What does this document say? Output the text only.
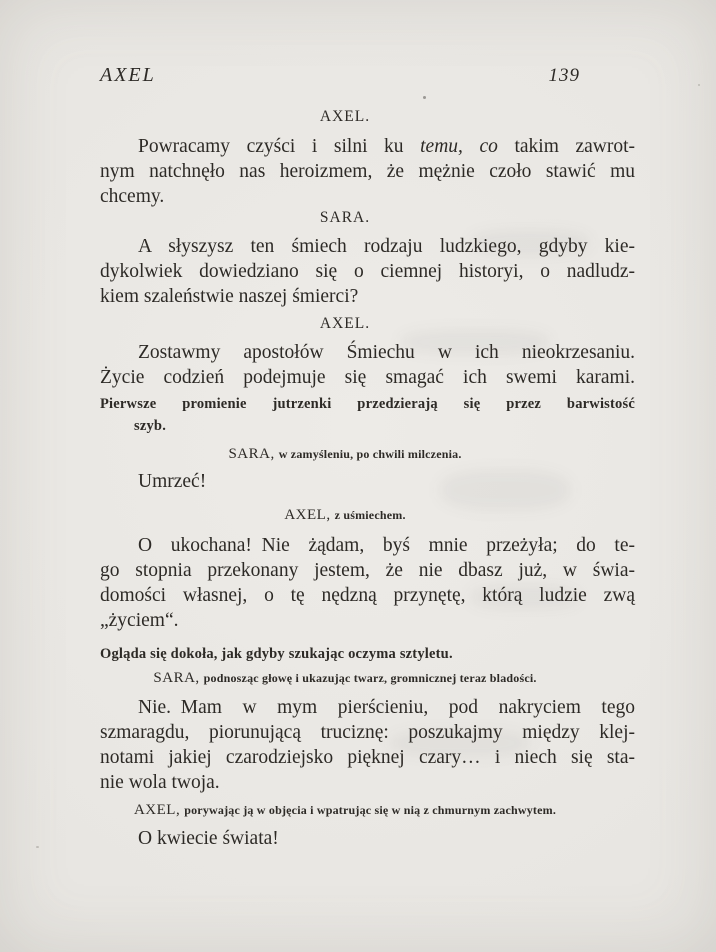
AXEL	139
AXEL.
Powracamy czyści i silni ku temu, co takim zawrot-
nym natchnęło nas heroizmem, że mężnie czoło stawić mu
chcemy.
SARA.
A słyszysz ten śmiech rodzaju ludzkiego, gdyby kie-
dykolwiek dowiedziano się o ciemnej historyi, o nadludz-
kiem szaleństwie naszej śmierci?
AXEL.
Zostawmy apostołów Śmiechu w ich nieokrzesaniu.
Życie codzień podejmuje się smagać ich swemi karami.
Pierwsze promienie jutrzenki przedzierają się przez barwistość
szyb.
SARA, w zamyśleniu, po chwili milczenia.
Umrzeć!
AXEL, z uśmiechem.
O ukochana! Nie żądam, byś mnie przeżyła; do te-
go stopnia przekonany jestem, że nie dbasz już, w świa-
domości własnej, o tę nędzną przynętę, którą ludzie zwą
„życiem“.
Ogląda się dokoła, jak gdyby szukając oczyma sztyletu.
SARA, podnosząc głowę i ukazując twarz, gromnicznej teraz bladości.
Nie. Mam w mym pierścieniu, pod nakryciem tego
szmaragdu, piorunującą truciznę: poszukajmy między klej-
notami jakiej czarodziejsko pięknej czary… i niech się sta-
nie wola twoja.
AXEL, porywając ją w objęcia i wpatrując się w nią z chmurnym zachwytem.
O kwiecie świata!
